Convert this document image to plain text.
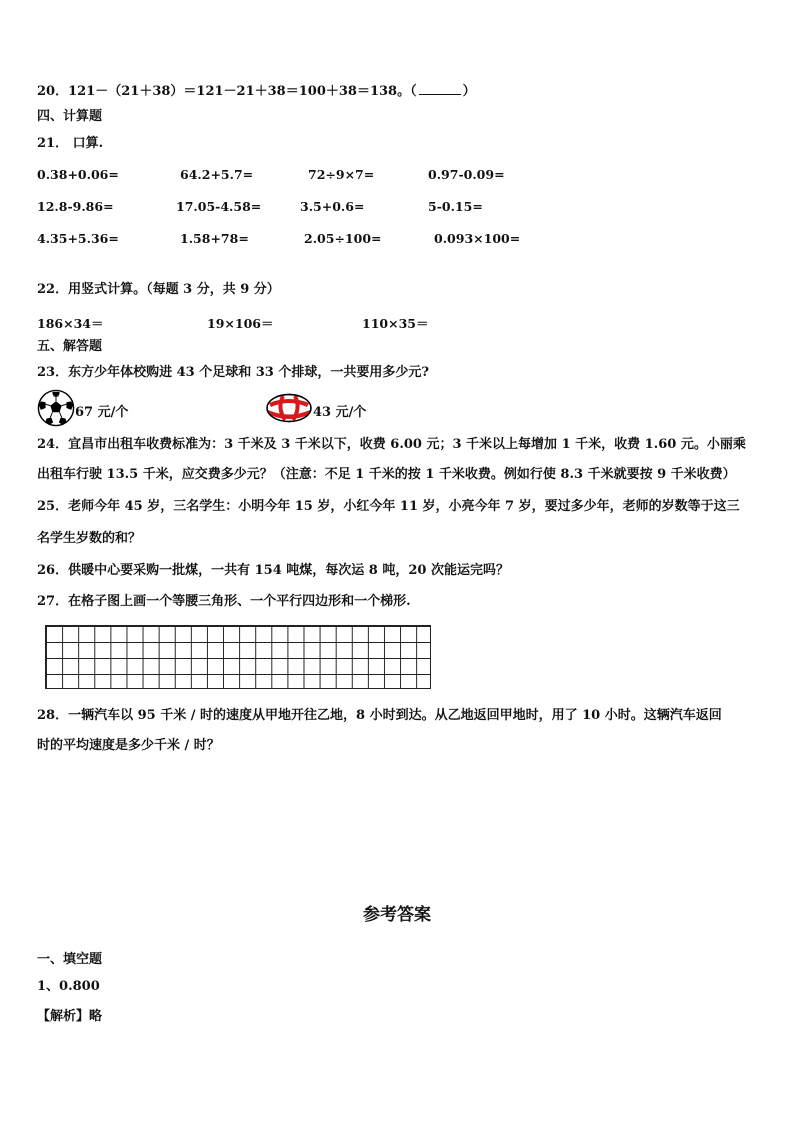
20．121－（21＋38）＝121－21＋38＝100＋38＝138。（	）
四、计算题
21． 口算.
0.38+0.06=	64.2+5.7=	72÷9×7=	0.97-0.09=
12.8-9.86=	17.05-4.58=	3.5+0.6=	5-0.15=
4.35+5.36=	1.58+78=	2.05÷100=	0.093×100=
22．用竖式计算。（每题 3 分，共 9 分）
186×34＝	19×106＝	110×35＝
五、解答题
23．东方少年体校购进 43 个足球和 33 个排球，一共要用多少元?
67 元/个	43 元/个
24．宜昌市出租车收费标准为：3 千米及 3 千米以下，收费 6.00 元；3 千米以上每增加 1 千米，收费 1.60 元。小丽乘
出租车行驶 13.5 千米，应交费多少元？（注意：不足 1 千米的按 1 千米收费。例如行使 8.3 千米就要按 9 千米收费）
25．老师今年 45 岁，三名学生：小明今年 15 岁，小红今年 11 岁，小亮今年 7 岁，要过多少年，老师的岁数等于这三
名学生岁数的和？
26．供暖中心要采购一批煤，一共有 154 吨煤，每次运 8 吨，20 次能运完吗？
27．在格子图上画一个等腰三角形、一个平行四边形和一个梯形.
28．一辆汽车以 95 千米 / 时的速度从甲地开往乙地，8 小时到达。从乙地返回甲地时，用了 10 小时。这辆汽车返回
时的平均速度是多少千米 / 时？
参考答案
一、填空题
1、0.800
【解析】略
